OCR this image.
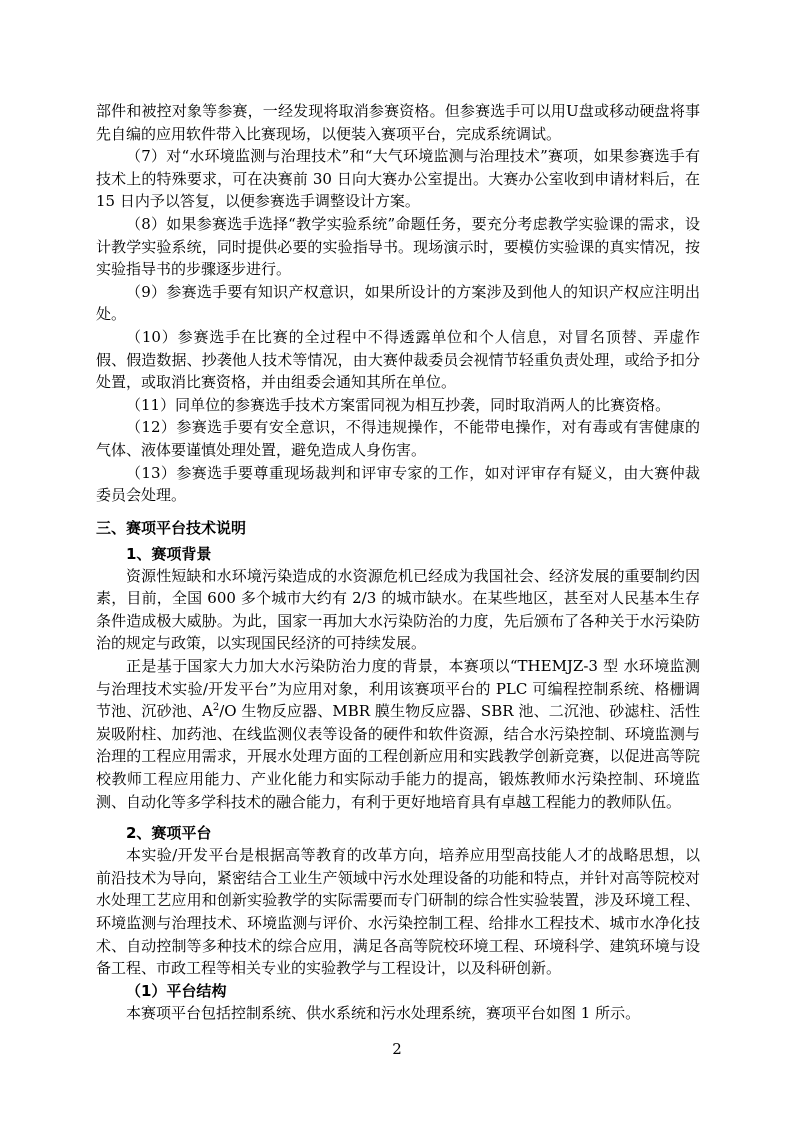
部件和被控对象等参赛，一经发现将取消参赛资格。但参赛选手可以用U盘或移动硬盘将事先自编的应用软件带入比赛现场，以便装入赛项平台，完成系统调试。

（7）对“水环境监测与治理技术”和“大气环境监测与治理技术”赛项，如果参赛选手有技术上的特殊要求，可在决赛前 30 日向大赛办公室提出。大赛办公室收到申请材料后，在 15 日内予以答复，以便参赛选手调整设计方案。

（8）如果参赛选手选择“教学实验系统”命题任务，要充分考虑教学实验课的需求，设计教学实验系统，同时提供必要的实验指导书。现场演示时，要模仿实验课的真实情况，按实验指导书的步骤逐步进行。

（9）参赛选手要有知识产权意识，如果所设计的方案涉及到他人的知识产权应注明出处。

（10）参赛选手在比赛的全过程中不得透露单位和个人信息，对冒名顶替、弄虚作假、假造数据、抄袭他人技术等情况，由大赛仲裁委员会视情节轻重负责处理，或给予扣分处置，或取消比赛资格，并由组委会通知其所在单位。

（11）同单位的参赛选手技术方案雷同视为相互抄袭，同时取消两人的比赛资格。

（12）参赛选手要有安全意识，不得违规操作，不能带电操作，对有毒或有害健康的气体、液体要谨慎处理处置，避免造成人身伤害。

（13）参赛选手要尊重现场裁判和评审专家的工作，如对评审存有疑义，由大赛仲裁委员会处理。

三、赛项平台技术说明

1、赛项背景

资源性短缺和水环境污染造成的水资源危机已经成为我国社会、经济发展的重要制约因素，目前，全国 600 多个城市大约有 2/3 的城市缺水。在某些地区，甚至对人民基本生存条件造成极大威胁。为此，国家一再加大水污染防治的力度，先后颁布了各种关于水污染防治的规定与政策，以实现国民经济的可持续发展。

正是基于国家大力加大水污染防治力度的背景，本赛项以“THEMJZ-3 型 水环境监测与治理技术实验/开发平台”为应用对象，利用该赛项平台的 PLC 可编程控制系统、格栅调节池、沉砂池、$A^2/O$ 生物反应器、MBR 膜生物反应器、SBR 池、二沉池、砂滤柱、活性炭吸附柱、加药池、在线监测仪表等设备的硬件和软件资源，结合水污染控制、环境监测与治理的工程应用需求，开展水处理方面的工程创新应用和实践教学创新竞赛，以促进高等院校教师工程应用能力、产业化能力和实际动手能力的提高，锻炼教师水污染控制、环境监测、自动化等多学科技术的融合能力，有利于更好地培育具有卓越工程能力的教师队伍。

2、赛项平台

本实验/开发平台是根据高等教育的改革方向，培养应用型高技能人才的战略思想，以前沿技术为导向，紧密结合工业生产领域中污水处理设备的功能和特点，并针对高等院校对水处理工艺应用和创新实验教学的实际需要而专门研制的综合性实验装置，涉及环境工程、环境监测与治理技术、环境监测与评价、水污染控制工程、给排水工程技术、城市水净化技术、自动控制等多种技术的综合应用，满足各高等院校环境工程、环境科学、建筑环境与设备工程、市政工程等相关专业的实验教学与工程设计，以及科研创新。

（1）平台结构

本赛项平台包括控制系统、供水系统和污水处理系统，赛项平台如图 1 所示。

2
